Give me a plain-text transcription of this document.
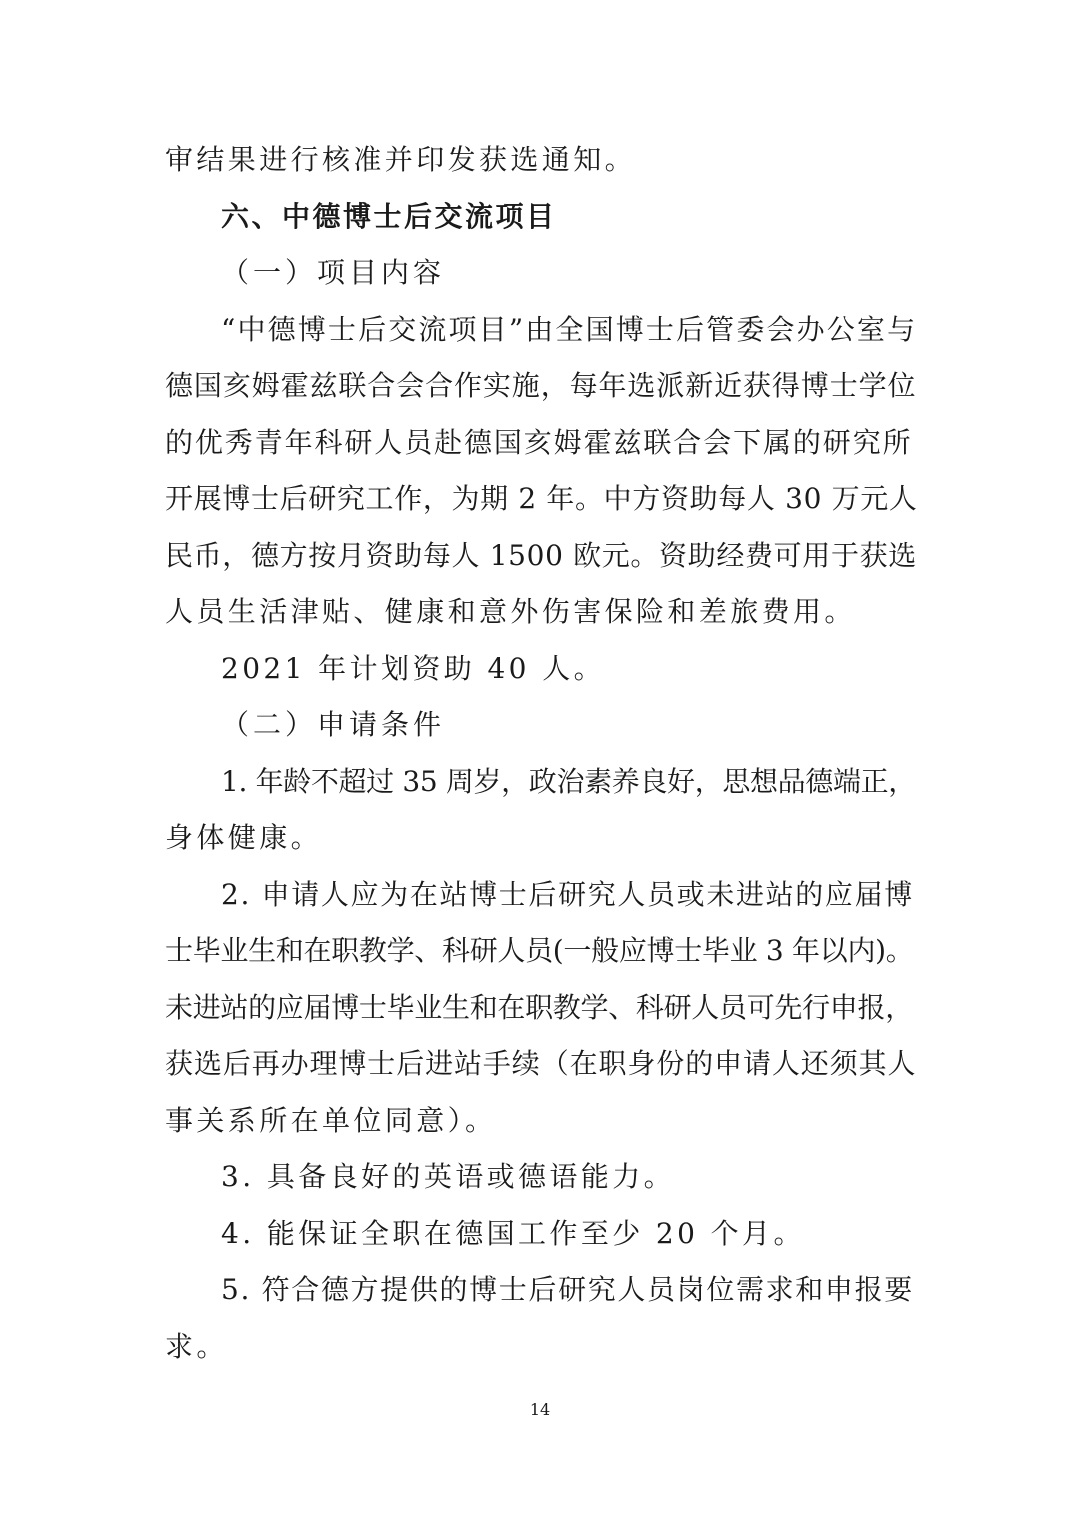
审结果进行核准并印发获选通知。
六、中德博士后交流项目
（一）项目内容
“中德博士后交流项目”由全国博士后管委会办公室与
德国亥姆霍兹联合会合作实施，每年选派新近获得博士学位
的优秀青年科研人员赴德国亥姆霍兹联合会下属的研究所
开展博士后研究工作，为期 2 年。中方资助每人 30 万元人
民币，德方按月资助每人 1500 欧元。资助经费可用于获选
人员生活津贴、健康和意外伤害保险和差旅费用。
2021 年计划资助 40 人。
（二）申请条件
1. 年龄不超过 35 周岁，政治素养良好，思想品德端正，
身体健康。
2. 申请人应为在站博士后研究人员或未进站的应届博
士毕业生和在职教学、科研人员(一般应博士毕业 3 年以内)。
未进站的应届博士毕业生和在职教学、科研人员可先行申报，
获选后再办理博士后进站手续（在职身份的申请人还须其人
事关系所在单位同意）。
3. 具备良好的英语或德语能力。
4. 能保证全职在德国工作至少 20 个月。
5. 符合德方提供的博士后研究人员岗位需求和申报要
求。
14
